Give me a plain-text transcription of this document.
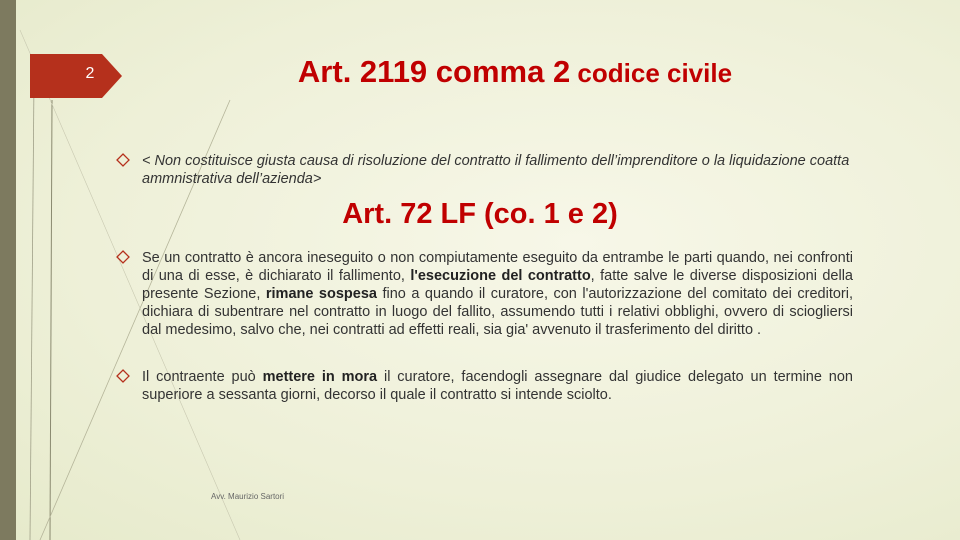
2	Art. 2119 comma 2 codice civile
< Non costituisce giusta causa di risoluzione del contratto il fallimento dell’imprenditore o la liquidazione coatta ammnistrativa dell’azienda>
Art. 72 LF (co. 1 e 2)
Se un contratto è ancora ineseguito o non compiutamente eseguito da entrambe le parti quando, nei confronti di una di esse, è dichiarato il fallimento, l'esecuzione del contratto, fatte salve le diverse disposizioni della presente Sezione, rimane sospesa fino a quando il curatore, con l'autorizzazione del comitato dei creditori, dichiara di subentrare nel contratto in luogo del fallito, assumendo tutti i relativi obblighi, ovvero di sciogliersi dal medesimo, salvo che, nei contratti ad effetti reali, sia gia' avvenuto il trasferimento del diritto .
Il contraente può mettere in mora il curatore, facendogli assegnare dal giudice delegato un termine non superiore a sessanta giorni, decorso il quale il contratto si intende sciolto.
Avv. Maurizio Sartori
